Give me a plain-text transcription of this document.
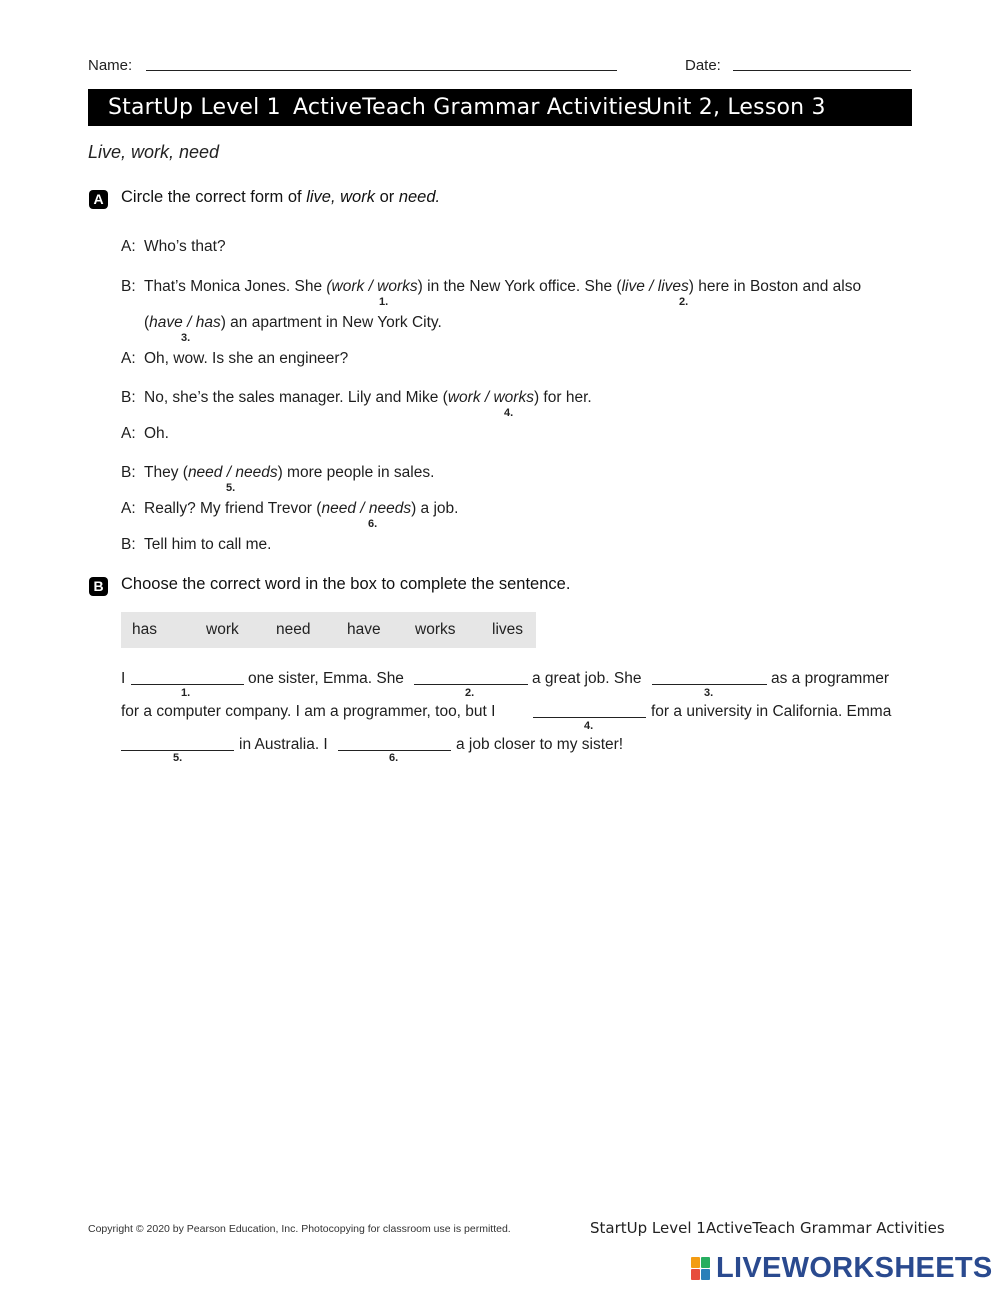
Name:	Date:
StartUp Level 1 ActiveTeach Grammar Activities
Unit 2, Lesson 3
Live, work, need
A Circle the correct form of live, work or need.
A: Who’s that?
B: That’s Monica Jones. She (work / works) in the New York office. She (live / lives) here in Boston and also
1.	2.
(have / has) an apartment in New York City.
3.
A: Oh, wow. Is she an engineer?
B: No, she’s the sales manager. Lily and Mike (work / works) for her.
4.
A: Oh.
B: They (need / needs) more people in sales.
5.
A: Really? My friend Trevor (need / needs) a job.
6.
B: Tell him to call me.
B Choose the correct word in the box to complete the sentence.
has	work need have works lives
I
1.
one sister, Emma. She
2.
a great job. She
3.
as a programmer
for a computer company. I am a programmer, too, but I
4.
for a university in California. Emma
5.
in Australia. I
6.
a job closer to my sister!
Copyright © 2020 by Pearson Education, Inc. Photocopying for classroom use is permitted.	StartUp Level 1 ActiveTeach Grammar Activities
LIVEWORKSHEETS
